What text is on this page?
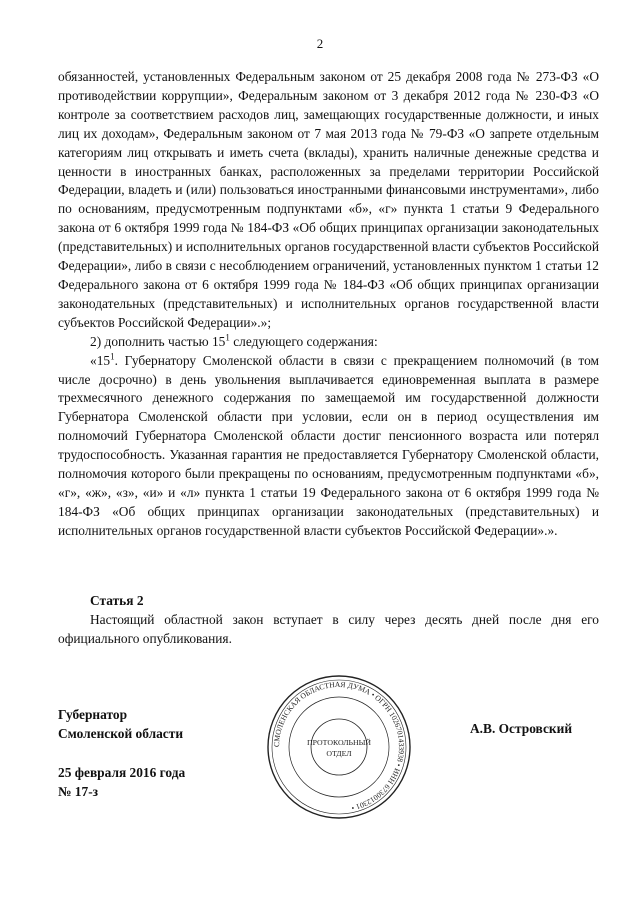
2

обязанностей, установленных Федеральным законом от 25 декабря 2008 года № 273-ФЗ «О противодействии коррупции», Федеральным законом от 3 декабря 2012 года № 230-ФЗ «О контроле за соответствием расходов лиц, замещающих государственные должности, и иных лиц их доходам», Федеральным законом от 7 мая 2013 года № 79-ФЗ «О запрете отдельным категориям лиц открывать и иметь счета (вклады), хранить наличные денежные средства и ценности в иностранных банках, расположенных за пределами территории Российской Федерации, владеть и (или) пользоваться иностранными финансовыми инструментами», либо по основаниям, предусмотренным подпунктами «б», «г» пункта 1 статьи 9 Федерального закона от 6 октября 1999 года № 184-ФЗ «Об общих принципах организации законодательных (представительных) и исполнительных органов государственной власти субъектов Российской Федерации», либо в связи с несоблюдением ограничений, установленных пунктом 1 статьи 12 Федерального закона от 6 октября 1999 года № 184-ФЗ «Об общих принципах организации законодательных (представительных) и исполнительных органов государственной власти субъектов Российской Федерации».»;

2) дополнить частью $15^1$ следующего содержания:

«$15^1$. Губернатору Смоленской области в связи с прекращением полномочий (в том числе досрочно) в день увольнения выплачивается единовременная выплата в размере трехмесячного денежного содержания по замещаемой им государственной должности Губернатора Смоленской области при условии, если он в период осуществления им полномочий Губернатора Смоленской области достиг пенсионного возраста или потерял трудоспособность. Указанная гарантия не предоставляется Губернатору Смоленской области, полномочия которого были прекращены по основаниям, предусмотренным подпунктами «б», «г», «ж», «з», «и» и «л» пункта 1 статьи 19 Федерального закона от 6 октября 1999 года № 184-ФЗ «Об общих принципах организации законодательных (представительных) и исполнительных органов государственной власти субъектов Российской Федерации».».

Статья 2

Настоящий областной закон вступает в силу через десять дней после дня его официального опубликования.

Губернатор

Смоленской области	А.В. Островский

25 февраля 2016 года

№ 17-з

СМОЛЕНСКАЯ ОБЛАСТНАЯ ДУМА • ОГРН 1026701433938 • ИНН 6730012301 •
ПРОТОКОЛЬНЫЙ
ОТДЕЛ
